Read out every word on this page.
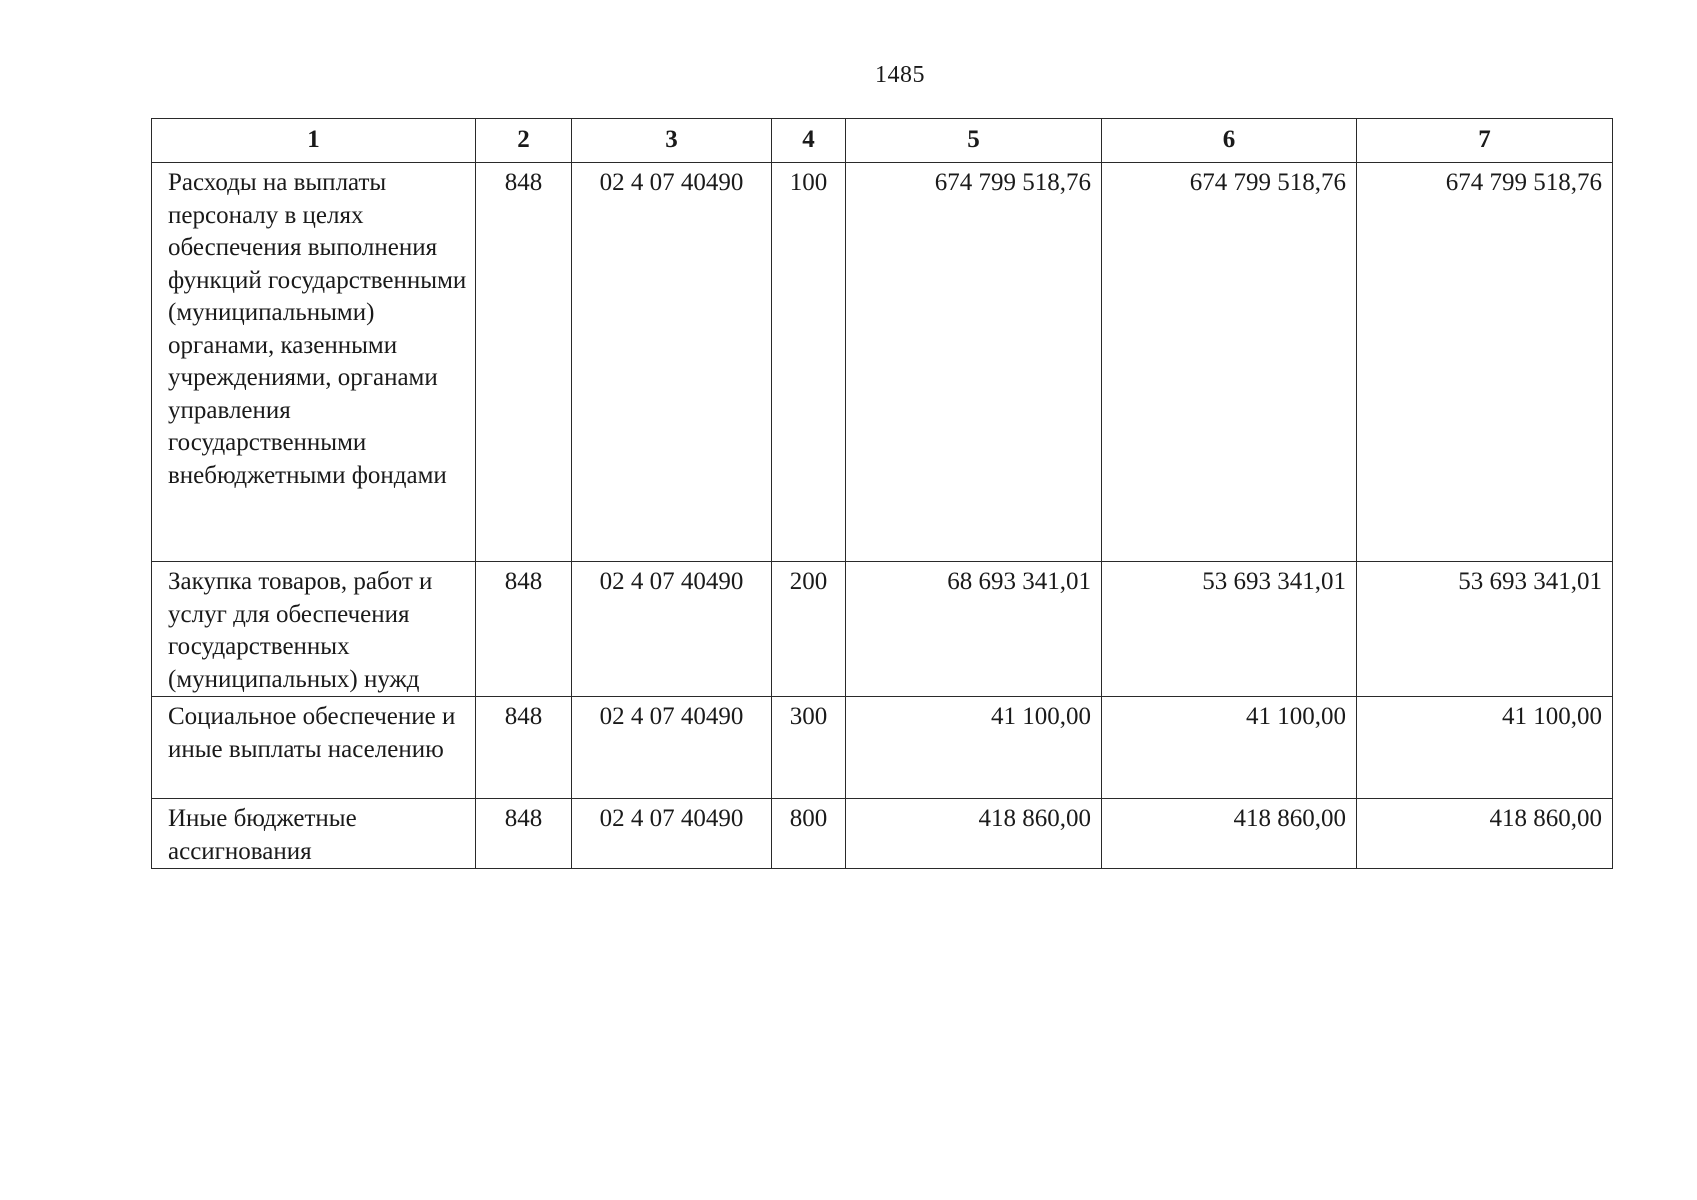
1485
1	2	3	4	5	6	7
Расходы на выплаты персоналу в целях обеспечения выполнения функций государственными (муниципальными) органами, казенными учреждениями, органами управления государственными внебюджетными фондами	848	02 4 07 40490	100	674 799 518,76	674 799 518,76	674 799 518,76
Закупка товаров, работ и услуг для обеспечения государственных (муниципальных) нужд	848	02 4 07 40490	200	68 693 341,01	53 693 341,01	53 693 341,01
Социальное обеспечение и иные выплаты населению	848	02 4 07 40490	300	41 100,00	41 100,00	41 100,00
Иные бюджетные ассигнования	848	02 4 07 40490	800	418 860,00	418 860,00	418 860,00
